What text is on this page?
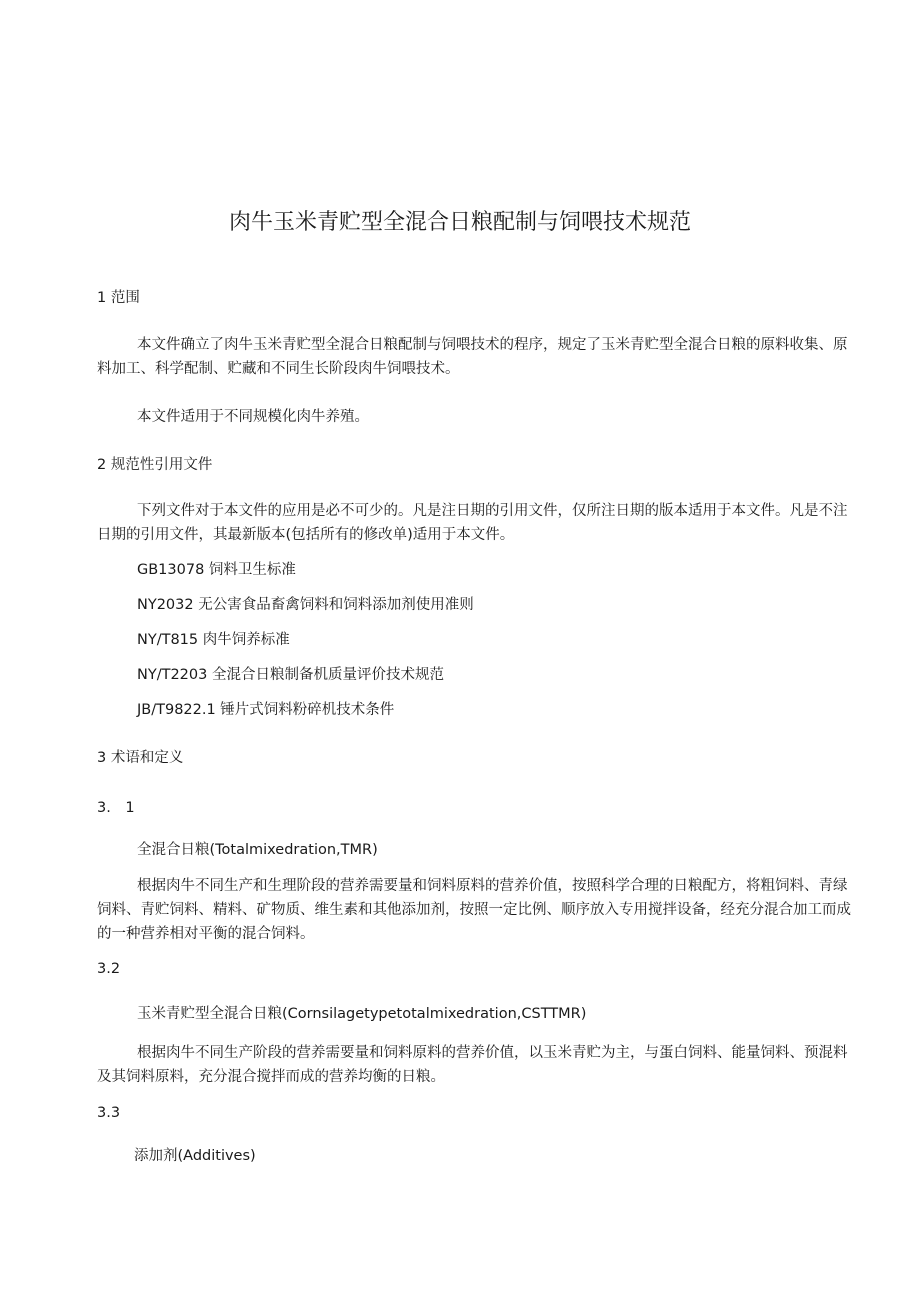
肉牛玉米青贮型全混合日粮配制与饲喂技术规范
1 范围
本文件确立了肉牛玉米青贮型全混合日粮配制与饲喂技术的程序，规定了玉米青贮型全混合日粮的原料收集、原料加工、科学配制、贮藏和不同生长阶段肉牛饲喂技术。
本文件适用于不同规模化肉牛养殖。
2 规范性引用文件
下列文件对于本文件的应用是必不可少的。凡是注日期的引用文件，仅所注日期的版本适用于本文件。凡是不注日期的引用文件，其最新版本(包括所有的修改单)适用于本文件。
GB13078 饲料卫生标准
NY2032 无公害食品畜禽饲料和饲料添加剂使用准则
NY/T815 肉牛饲养标准
NY/T2203 全混合日粮制备机质量评价技术规范
JB/T9822.1 锤片式饲料粉碎机技术条件
3 术语和定义
3.　1
全混合日粮(Totalmixedration,TMR)
根据肉牛不同生产和生理阶段的营养需要量和饲料原料的营养价值，按照科学合理的日粮配方，将粗饲料、青绿饲料、青贮饲料、精料、矿物质、维生素和其他添加剂，按照一定比例、顺序放入专用搅拌设备，经充分混合加工而成的一种营养相对平衡的混合饲料。
3.2
玉米青贮型全混合日粮(Cornsilagetypetotalmixedration,CSTTMR)
根据肉牛不同生产阶段的营养需要量和饲料原料的营养价值，以玉米青贮为主，与蛋白饲料、能量饲料、预混料及其饲料原料，充分混合搅拌而成的营养均衡的日粮。
3.3
添加剂(Additives)
